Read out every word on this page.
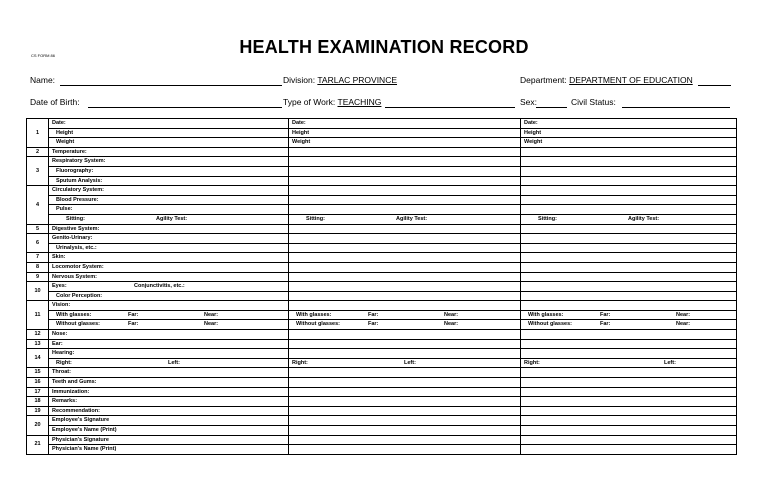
CS FORM 86	HEALTH EXAMINATION RECORD
Name:	Division: TARLAC PROVINCE	Department: DEPARTMENT OF EDUCATION
Date of Birth:	Type of Work: TEACHING	Sex:	Civil Status:
1	Date:	Date:	Date:
	Height	Height	Height
	Weight	Weight	Weight
2	Temperature:		
3	Respiratory System:		
	Fluorography:		
	Sputum Analysis:		
4	Circulatory System:		
	Blood Pressure:		
	Pulse:		
	Sitting: Agility Test:	Sitting: Agility Test:	Sitting: Agility Test:
5	Digestive System:		
6	Genito-Urinary:		
	Urinalysis, etc.:		
7	Skin:		
8	Locomotor System:		
9	Nervous System:		
10	Eyes: Conjunctivitis, etc.:		
	Color Perception:		
11	Vision:		
	With glasses: Far: Near:	With glasses: Far: Near:	With glasses: Far: Near:
	Without glasses: Far: Near:	Without glasses: Far: Near:	Without glasses: Far: Near:
12	Nose:		
13	Ear:		
14	Hearing:		
	Right: Left:	Right: Left:	Right: Left:
15	Throat:		
16	Teeth and Gums:		
17	Immunization:		
18	Remarks:		
19	Recommendation:		
20	Employee's Signature		
	Employee's Name (Print)		
21	Physician's Signature		
	Physician's Name (Print)		
